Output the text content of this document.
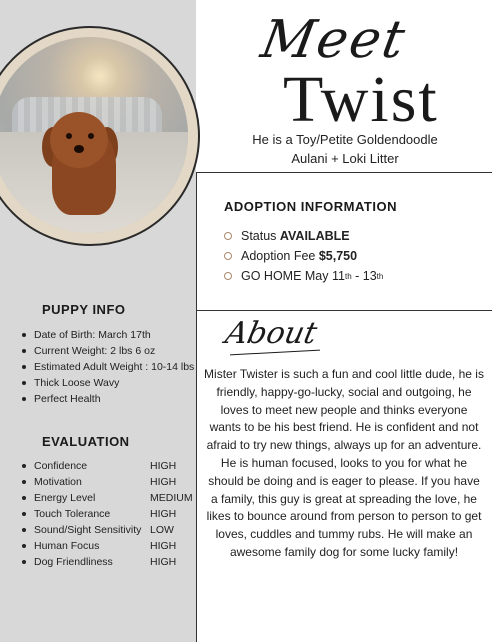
Meet
Twist
He is a Toy/Petite Goldendoodle
Aulani + Loki Litter
ADOPTION INFORMATION
Status
AVAILABLE
Adoption Fee
$5,750
GO HOME May 11 th - 13 th
PUPPY INFO
Date of Birth: March 17th
Current Weight: 2 lbs 6 oz
Estimated Adult Weight : 10-14 lbs
Thick Loose Wavy
Perfect Health
EVALUATION
Confidence	HIGH
Motivation	HIGH
Energy Level	MEDIUM
Touch Tolerance	HIGH
Sound/Sight Sensitivity LOW
Human Focus	HIGH
Dog Friendliness	HIGH
About
Mister Twister is such a fun and cool little dude, he is friendly, happy-go-lucky, social and outgoing, he loves to meet new people and thinks everyone wants to be his best friend. He is confident and not afraid to try new things, always up for an adventure. He is human focused, looks to you for what he should be doing and is eager to please. If you have a family, this guy is great at spreading the love, he likes to bounce around from person to person to get loves, cuddles and tummy rubs. He will make an awesome family dog for some lucky family!
